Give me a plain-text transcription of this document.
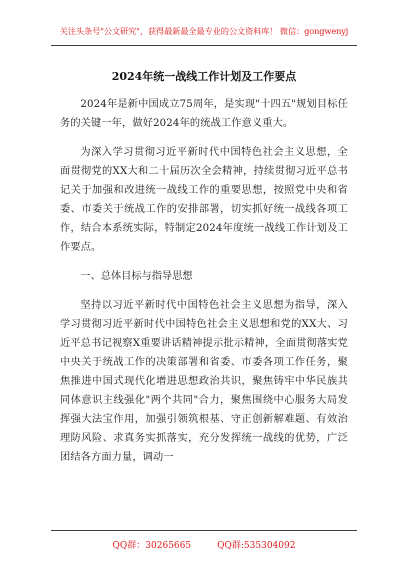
关注头条号"公文研究"，获得最新最全最专业的公文资料库！ 微信：gongwenyj
2024年统一战线工作计划及工作要点

2024年是新中国成立75周年，是实现"十四五"规划目标任务的关键一年，做好2024年的统战工作意义重大。

为深入学习贯彻习近平新时代中国特色社会主义思想，全面贯彻党的XX大和二十届历次全会精神，持续贯彻习近平总书记关于加强和改进统一战线工作的重要思想，按照党中央和省委、市委关于统战工作的安排部署，切实抓好统一战线各项工作，结合本系统实际，特制定2024年度统一战线工作计划及工作要点。

一、总体目标与指导思想

坚持以习近平新时代中国特色社会主义思想为指导，深入学习贯彻习近平新时代中国特色社会主义思想和党的XX大、习近平总书记视察X重要讲话精神提示批示精神，全面贯彻落实党中央关于统战工作的决策部署和省委、市委各项工作任务，聚焦推进中国式现代化增进思想政治共识，聚焦铸牢中华民族共同体意识主线强化"两个共同"合力，聚焦围绕中心服务大局发挥强大法宝作用，加强引领筑根基、守正创新解难题、有效治理防风险、求真务实抓落实，充分发挥统一战线的优势，广泛团结各方面力量，调动一

QQ群：30265665	QQ群:535304092
